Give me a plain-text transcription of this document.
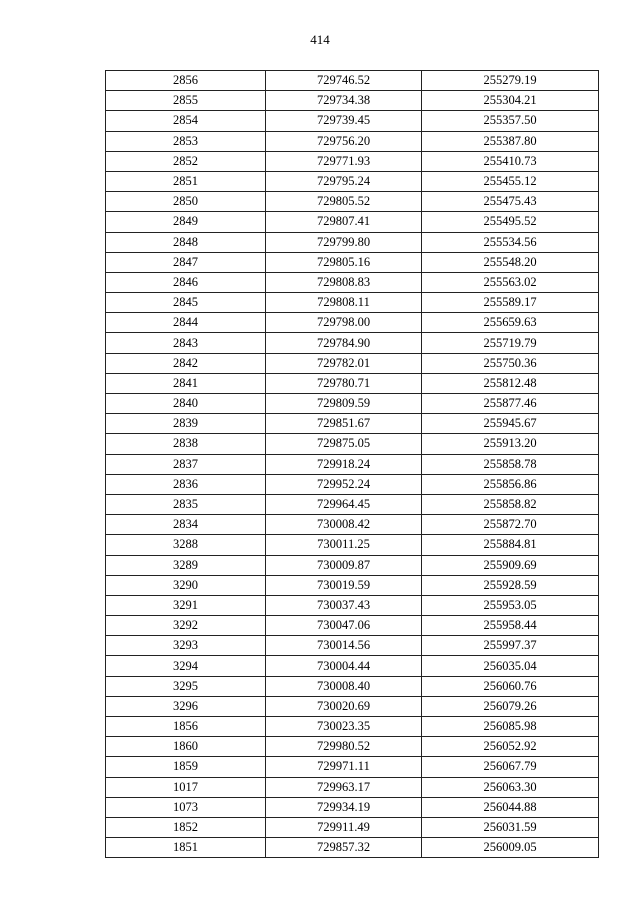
414
2856	729746.52	255279.19
2855	729734.38	255304.21
2854	729739.45	255357.50
2853	729756.20	255387.80
2852	729771.93	255410.73
2851	729795.24	255455.12
2850	729805.52	255475.43
2849	729807.41	255495.52
2848	729799.80	255534.56
2847	729805.16	255548.20
2846	729808.83	255563.02
2845	729808.11	255589.17
2844	729798.00	255659.63
2843	729784.90	255719.79
2842	729782.01	255750.36
2841	729780.71	255812.48
2840	729809.59	255877.46
2839	729851.67	255945.67
2838	729875.05	255913.20
2837	729918.24	255858.78
2836	729952.24	255856.86
2835	729964.45	255858.82
2834	730008.42	255872.70
3288	730011.25	255884.81
3289	730009.87	255909.69
3290	730019.59	255928.59
3291	730037.43	255953.05
3292	730047.06	255958.44
3293	730014.56	255997.37
3294	730004.44	256035.04
3295	730008.40	256060.76
3296	730020.69	256079.26
1856	730023.35	256085.98
1860	729980.52	256052.92
1859	729971.11	256067.79
1017	729963.17	256063.30
1073	729934.19	256044.88
1852	729911.49	256031.59
1851	729857.32	256009.05
